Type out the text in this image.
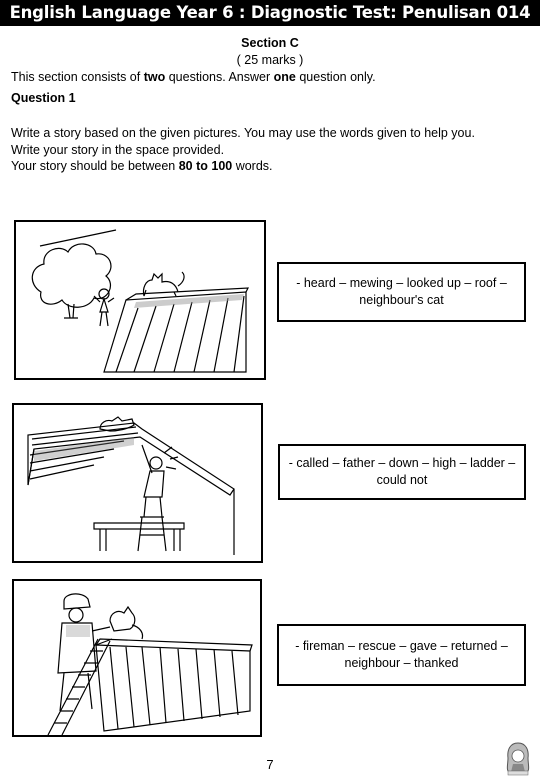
English Language Year 6 : Diagnostic Test: Penulisan 014
Section C
( 25 marks )
This section consists of two questions. Answer one question only.
Question 1
Write a story based on the given pictures. You may use the words given to help you.
Write your story in the space provided.
Your story should be between 80 to 100 words.
- heard – mewing – looked up – roof – neighbour's cat
- called – father – down – high – ladder – could not
- fireman – rescue – gave – returned – neighbour – thanked
7
